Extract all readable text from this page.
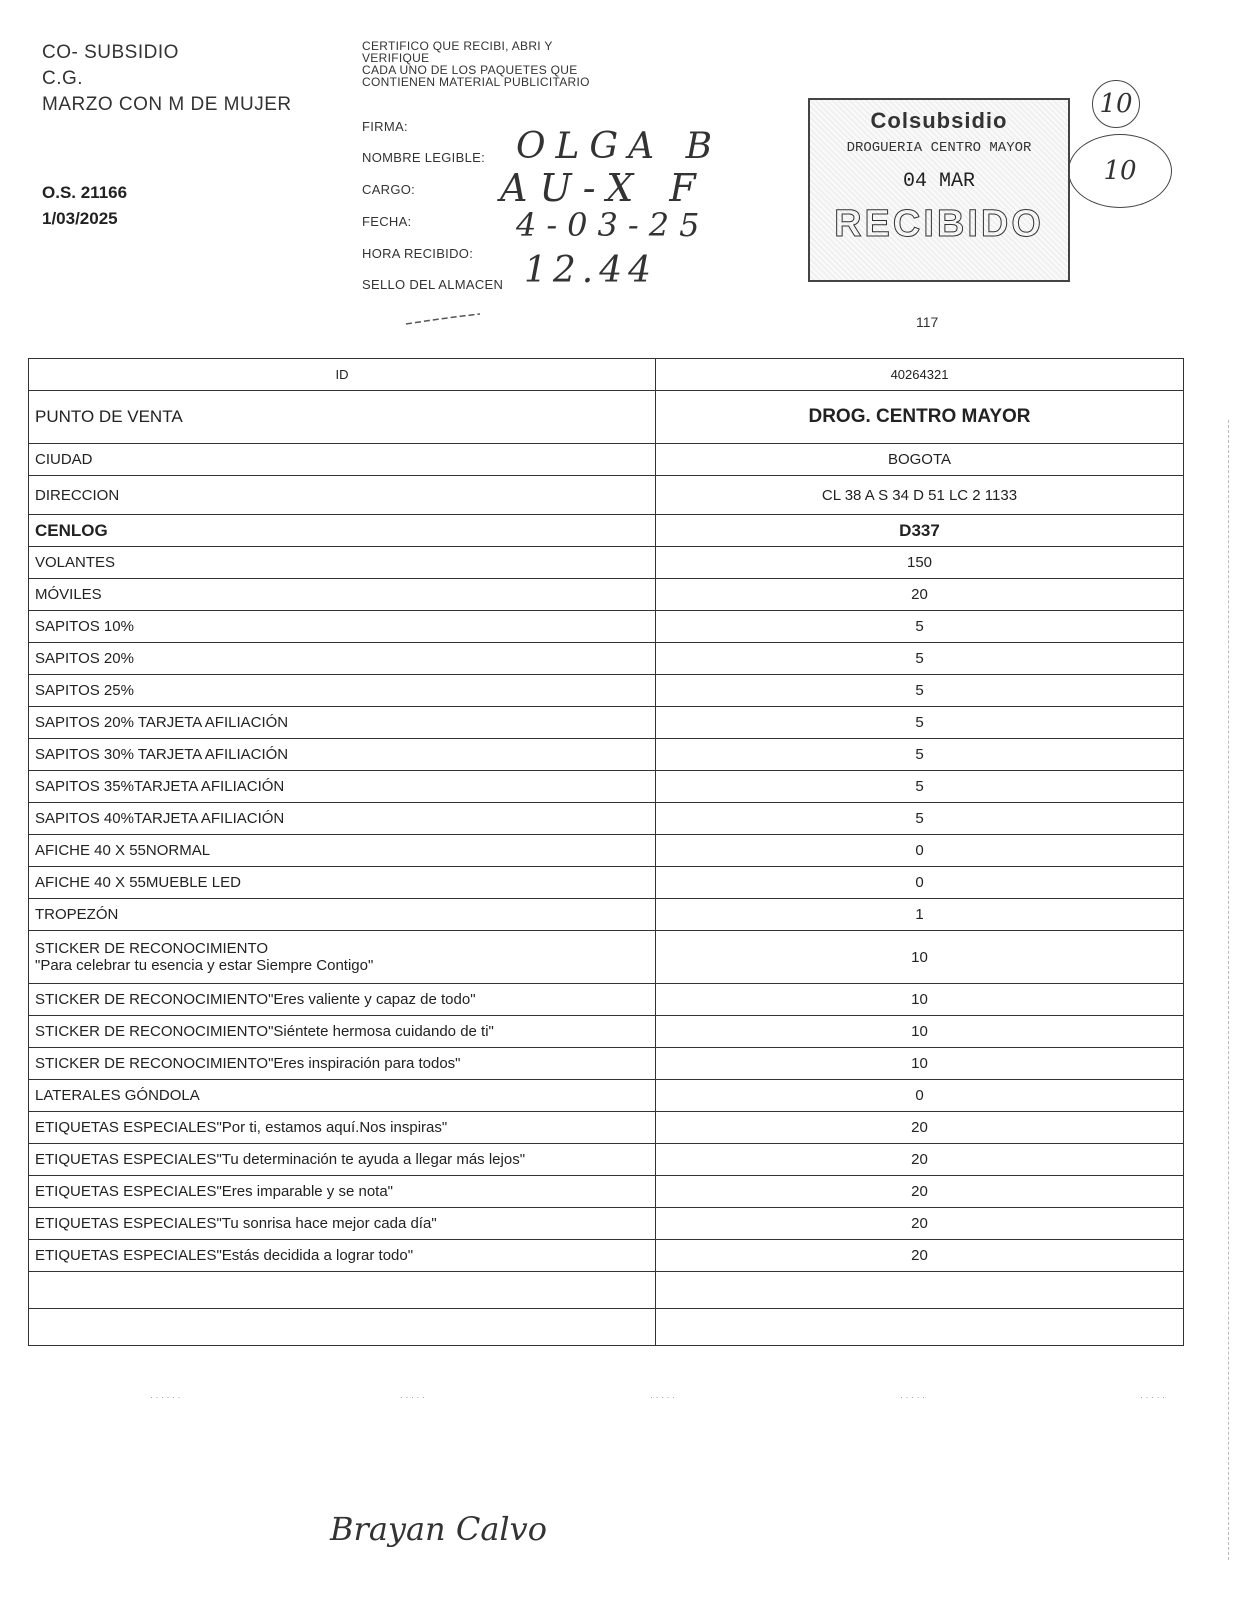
CO- SUBSIDIO
C.G.
MARZO CON M DE MUJER
O.S. 21166
1/03/2025
CERTIFICO QUE RECIBI, ABRI Y
VERIFIQUE
CADA UNO DE LOS PAQUETES QUE
CONTIENEN MATERIAL PUBLICITARIO
FIRMA:
NOMBRE LEGIBLE:
CARGO:
FECHA:
HORA RECIBIDO:
SELLO DEL ALMACEN
OLGA B
AU-X F
4-03-25
12.44
Colsubsidio
DROGUERIA CENTRO MAYOR
04 MAR
RECIBIDO
10
10
117
ID	40264321
PUNTO DE VENTA	DROG. CENTRO MAYOR
CIUDAD	BOGOTA
DIRECCION	CL 38 A S 34 D 51 LC 2 1133
CENLOG	D337
VOLANTES	150
MÓVILES	20
SAPITOS 10%	5
SAPITOS 20%	5
SAPITOS 25%	5
SAPITOS 20% TARJETA AFILIACIÓN	5
SAPITOS 30% TARJETA AFILIACIÓN	5
SAPITOS 35%TARJETA AFILIACIÓN	5
SAPITOS 40%TARJETA AFILIACIÓN	5
AFICHE 40 X 55NORMAL	0
AFICHE 40 X 55MUEBLE LED	0
TROPEZÓN	1
STICKER DE RECONOCIMIENTO
"Para celebrar tu esencia y estar Siempre Contigo"	10
STICKER DE RECONOCIMIENTO"Eres valiente y capaz de todo"	10
STICKER DE RECONOCIMIENTO"Siéntete hermosa cuidando de ti"	10
STICKER DE RECONOCIMIENTO"Eres inspiración para todos"	10
LATERALES GÓNDOLA	0
ETIQUETAS ESPECIALES"Por ti, estamos aquí.Nos inspiras"	20
ETIQUETAS ESPECIALES"Tu determinación te ayuda a llegar más lejos"	20
ETIQUETAS ESPECIALES"Eres imparable y se nota"	20
ETIQUETAS ESPECIALES"Tu sonrisa hace mejor cada día"	20
ETIQUETAS ESPECIALES"Estás decidida a lograr todo"	20

· · · · · ·	· · · · ·	· · · · ·	· · · · ·	· · · · ·
Brayan Calvo
